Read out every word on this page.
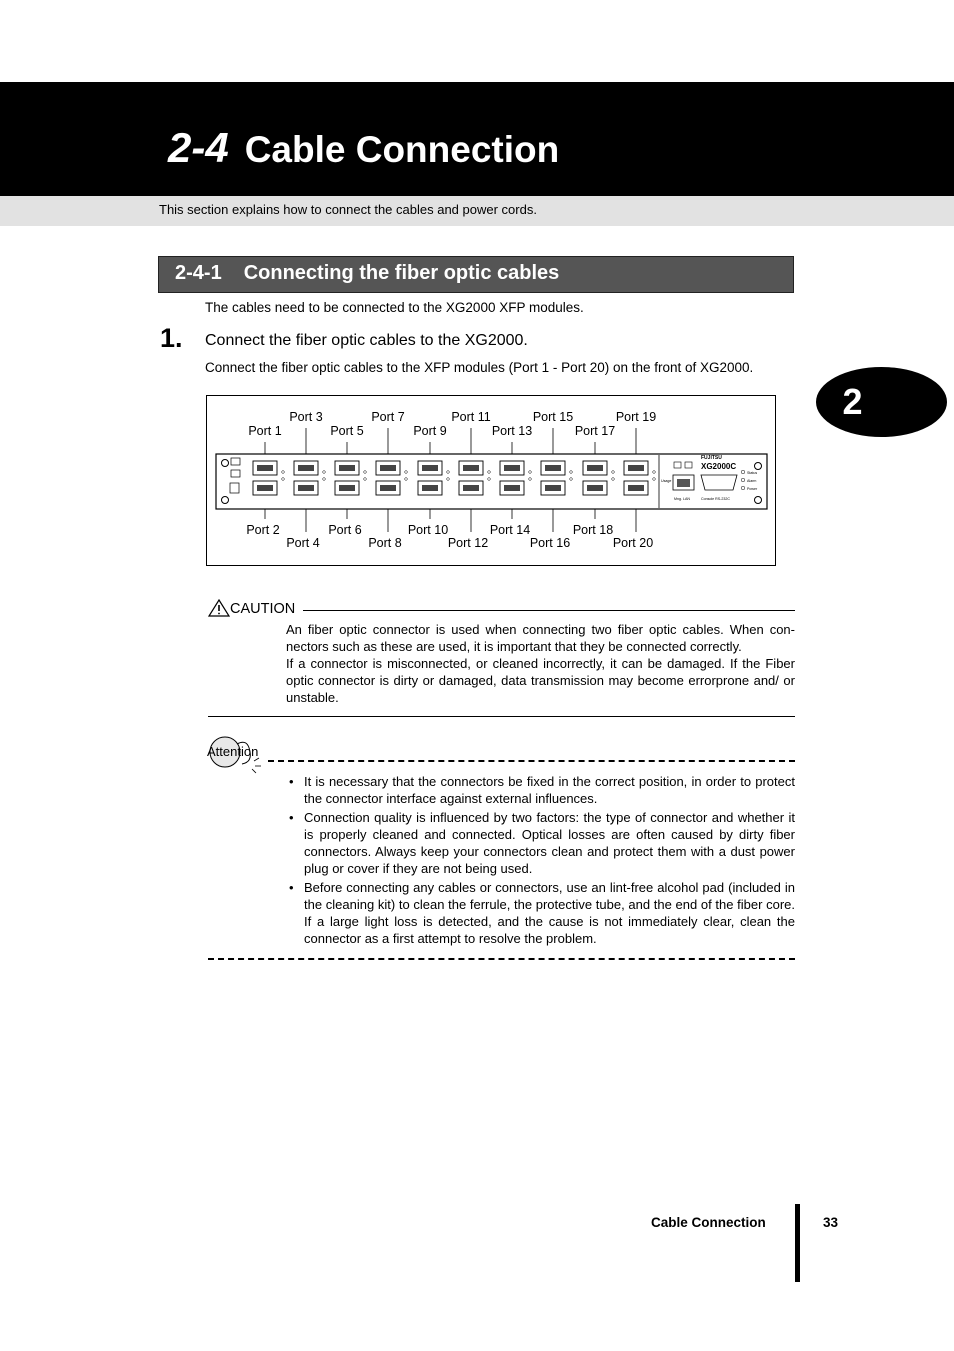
2-4 Cable Connection
This section explains how to connect the cables and power cords.
2
2-4-1 Connecting the fiber optic cables
The cables need to be connected to the XG2000 XFP modules.
1. Connect the fiber optic cables to the XG2000.
Connect the fiber optic cables to the XFP modules (Port 1 - Port 20) on the front of XG2000.
FUJITSU
XG2000C
Mng. LAN	Console RS-232C
Status
Alarm
Power
Usage
Port 3	Port 7	Port 11	Port 15	Port 19
Port 1	Port 5	Port 9	Port 13	Port 17
Port 2	Port 6	Port 10	Port 14	Port 18
Port 4	Port 8	Port 12	Port 16	Port 20
CAUTION
An fiber optic connector is used when connecting two fiber optic cables. When con-nectors such as these are used, it is important that they be connected correctly.
If a connector is misconnected, or cleaned incorrectly, it can be damaged. If the Fiber optic connector is dirty or damaged, data transmission may become errorprone and/ or unstable.
Attention
• It is necessary that the connectors be fixed in the correct position, in order to protect the connector interface against external influences.
• Connection quality is influenced by two factors: the type of connector and whether it is properly cleaned and connected. Optical losses are often caused by dirty fiber connectors. Always keep your connectors clean and protect them with a dust power plug or cover if they are not being used.
• Before connecting any cables or connectors, use an lint-free alcohol pad (included in the cleaning kit) to clean the ferrule, the protective tube, and the end of the fiber core. If a large light loss is detected, and the cause is not immediately clear, clean the connector as a first attempt to resolve the problem.
Cable Connection	33
